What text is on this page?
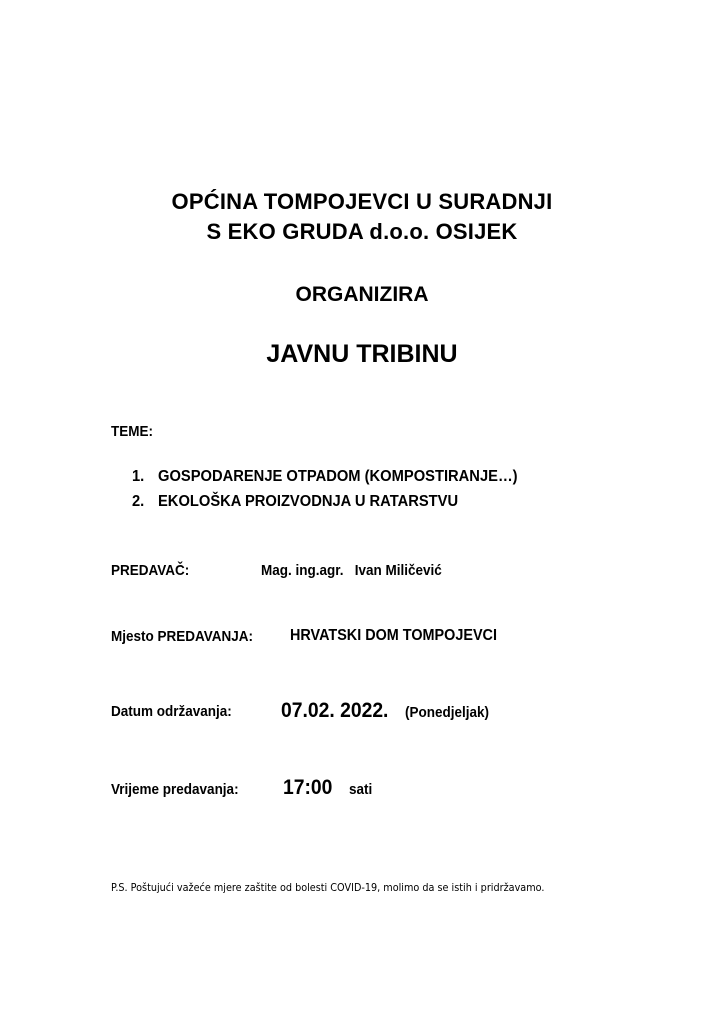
OPĆINA TOMPOJEVCI U SURADNJI
S EKO GRUDA d.o.o. OSIJEK
ORGANIZIRA
JAVNU TRIBINU
TEME:
1. GOSPODARENJE OTPADOM (KOMPOSTIRANJE…)
2. EKOLOŠKA PROIZVODNJA U RATARSTVU
PREDAVAČ:	Mag. ing.agr.   Ivan Miličević
Mjesto PREDAVANJA: HRVATSKI DOM TOMPOJEVCI
Datum održavanja: 07.02. 2022. (Ponedjeljak)
Vrijeme predavanja: 17:00 sati
P.S. Poštujući važeće mjere zaštite od bolesti COVID-19, molimo da se istih i pridržavamo.
